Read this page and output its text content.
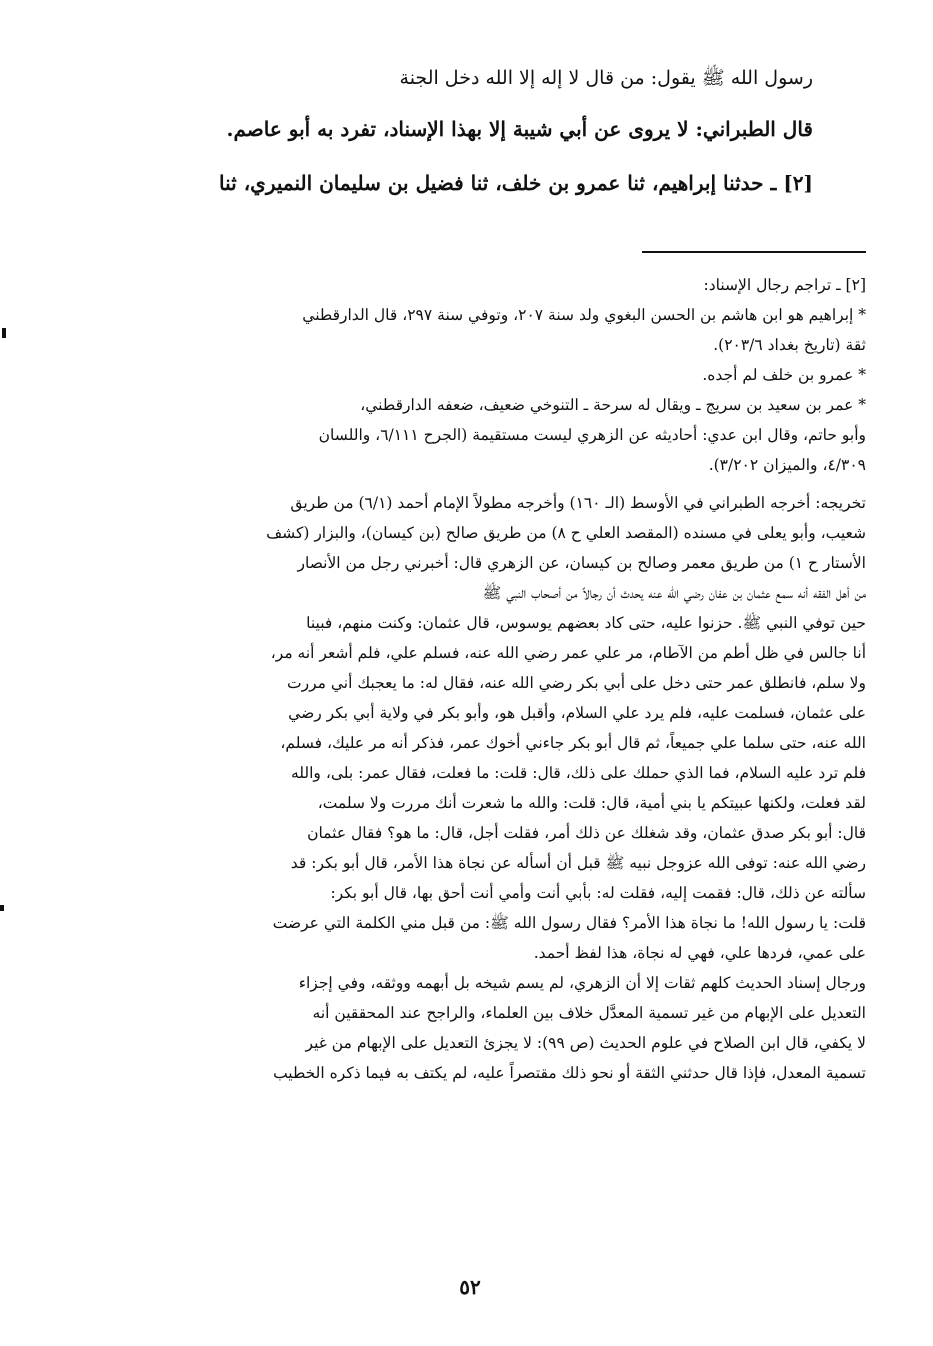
رسول الله ﷺ يقول: من قال لا إله إلا الله دخل الجنة

قال الطبراني: لا يروى عن أبي شيبة إلا بهذا الإسناد، تفرد به أبو عاصم.

[٢] ـ حدثنا إبراهيم، ثنا عمرو بن خلف، ثنا فضيل بن سليمان النميري، ثنا

[٢] ـ تراجم رجال الإسناد:

* إبراهيم هو ابن هاشم بن الحسن البغوي ولد سنة ٢٠٧، وتوفي سنة ٢٩٧، قال الدارقطني

ثقة (تاريخ بغداد ٢٠٣/٦).

* عمرو بن خلف لم أجده.

* عمر بن سعيد بن سريج ـ ويقال له سرحة ـ التنوخي ضعيف، ضعفه الدارقطني،

وأبو حاتم، وقال ابن عدي: أحاديثه عن الزهري ليست مستقيمة (الجرح ٦/١١١، واللسان

٤/٣٠٩، والميزان ٣/٢٠٢).

تخريجه: أخرجه الطبراني في الأوسط (الـ ١٦٠) وأخرجه مطولاً الإمام أحمد (٦/١) من طريق

شعيب، وأبو يعلى في مسنده (المقصد العلي ح ٨) من طريق صالح (بن كيسان)، والبزار (كشف

الأستار ح ١) من طريق معمر وصالح بن كيسان، عن الزهري قال: أخبرني رجل من الأنصار

من أهل الفقه أنه سمع عثمان بن عفان رضي الله عنه يحدث أن رجالاً من أصحاب النبي ﷺ

حين توفي النبي ﷺ. حزنوا عليه، حتى كاد بعضهم يوسوس، قال عثمان: وكنت منهم، فبينا

أنا جالس في ظل أطم من الآطام، مر علي عمر رضي الله عنه، فسلم علي، فلم أشعر أنه مر،

ولا سلم، فانطلق عمر حتى دخل على أبي بكر رضي الله عنه، فقال له: ما يعجبك أني مررت

على عثمان، فسلمت عليه، فلم يرد علي السلام، وأقبل هو، وأبو بكر في ولاية أبي بكر رضي

الله عنه، حتى سلما علي جميعاً، ثم قال أبو بكر جاءني أخوك عمر، فذكر أنه مر عليك، فسلم،

فلم ترد عليه السلام، فما الذي حملك على ذلك، قال: قلت: ما فعلت، فقال عمر: بلى، والله

لقد فعلت، ولكنها عبيتكم يا بني أمية، قال: قلت: والله ما شعرت أنك مررت ولا سلمت،

قال: أبو بكر صدق عثمان، وقد شغلك عن ذلك أمر، فقلت أجل، قال: ما هو؟ فقال عثمان

رضي الله عنه: توفى الله عزوجل نبيه ﷺ قبل أن أسأله عن نجاة هذا الأمر، قال أبو بكر: قد

سألته عن ذلك، قال: فقمت إليه، فقلت له: بأبي أنت وأمي أنت أحق بها، قال أبو بكر:

قلت: يا رسول الله! ما نجاة هذا الأمر؟ فقال رسول الله ﷺ: من قبل مني الكلمة التي عرضت

على عمي، فردها علي، فهي له نجاة، هذا لفظ أحمد.

ورجال إسناد الحديث كلهم ثقات إلا أن الزهري، لم يسم شيخه بل أبهمه ووثقه، وفي إجزاء

التعديل على الإبهام من غير تسمية المعدَّل خلاف بين العلماء، والراجح عند المحققين أنه

لا يكفي، قال ابن الصلاح في علوم الحديث (ص ٩٩): لا يجزئ التعديل على الإبهام من غير

تسمية المعدل، فإذا قال حدثني الثقة أو نحو ذلك مقتصراً عليه، لم يكتف به فيما ذكره الخطيب

٥٢
